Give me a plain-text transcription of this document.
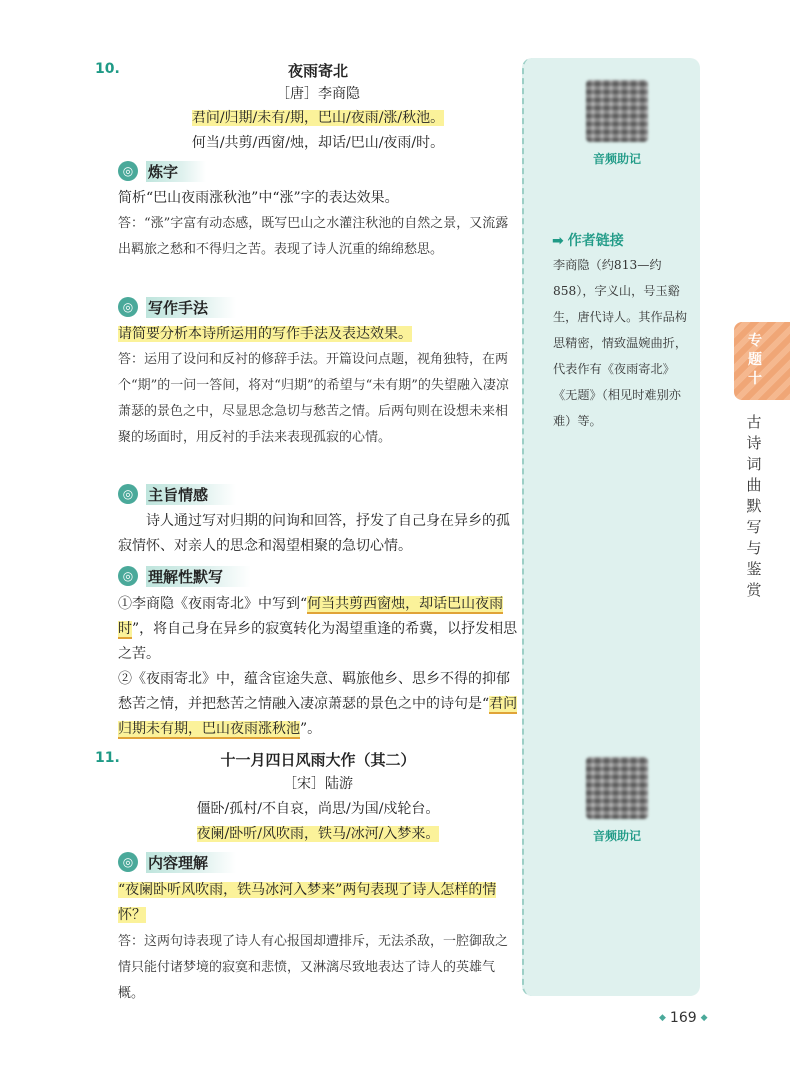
音频助记
➡ 作者链接
李商隐（约813—约858），字义山，号玉谿生，唐代诗人。其作品构思精密，情致温婉曲折，代表作有《夜雨寄北》《无题》（相见时难别亦难）等。
音频助记
专题十
古诗词曲默写与鉴赏
10.	夜雨寄北
［唐］李商隐
君问/归期/未有/期，巴山/夜雨/涨/秋池。
何当/共剪/西窗/烛，却话/巴山/夜雨/时。
◎ 炼字
简析“巴山夜雨涨秋池”中“涨”字的表达效果。
答：“涨”字富有动态感，既写巴山之水灌注秋池的自然之景，又流露出羁旅之愁和不得归之苦。表现了诗人沉重的绵绵愁思。
◎ 写作手法
请简要分析本诗所运用的写作手法及表达效果。
答：运用了设问和反衬的修辞手法。开篇设问点题，视角独特，在两个“期”的一问一答间，将对“归期”的希望与“未有期”的失望融入凄凉萧瑟的景色之中，尽显思念急切与愁苦之情。后两句则在设想未来相聚的场面时，用反衬的手法来表现孤寂的心情。
◎ 主旨情感
诗人通过写对归期的问询和回答，抒发了自己身在异乡的孤寂情怀、对亲人的思念和渴望相聚的急切心情。
◎ 理解性默写
①李商隐《夜雨寄北》中写到“何当共剪西窗烛，却话巴山夜雨时”，将自己身在异乡的寂寞转化为渴望重逢的希冀，以抒发相思之苦。
②《夜雨寄北》中，蕴含宦途失意、羁旅他乡、思乡不得的抑郁愁苦之情，并把愁苦之情融入凄凉萧瑟的景色之中的诗句是“君问归期未有期，巴山夜雨涨秋池”。
11.	十一月四日风雨大作（其二）
［宋］陆游
僵卧/孤村/不自哀，尚思/为国/戍轮台。
夜阑/卧听/风吹雨，铁马/冰河/入梦来。
◎ 内容理解
“夜阑卧听风吹雨，铁马冰河入梦来”两句表现了诗人怎样的情怀？
答：这两句诗表现了诗人有心报国却遭排斥，无法杀敌，一腔御敌之情只能付诸梦境的寂寞和悲愤，又淋漓尽致地表达了诗人的英雄气概。
◆ 169 ◆
